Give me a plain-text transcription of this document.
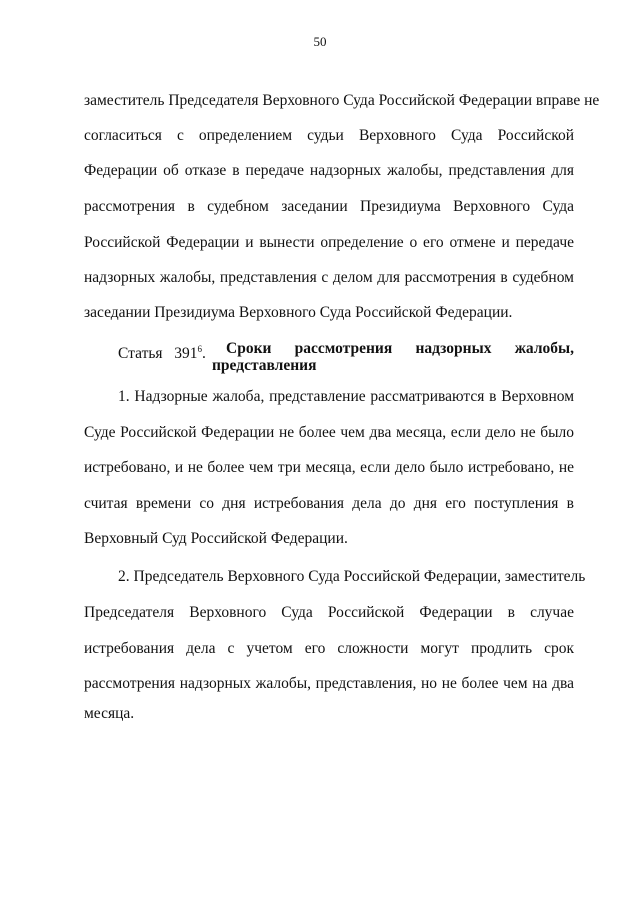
50
заместитель Председателя Верховного Суда Российской Федерации вправе не
согласиться с определением судьи Верховного Суда Российской
Федерации об отказе в передаче надзорных жалобы, представления для
рассмотрения в судебном заседании Президиума Верховного Суда
Российской Федерации и вынести определение о его отмене и передаче
надзорных жалобы, представления с делом для рассмотрения в судебном
заседании Президиума Верховного Суда Российской Федерации.
Статья $391^6$. Сроки рассмотрения надзорных жалобы,
представления
1. Надзорные жалоба, представление рассматриваются в Верховном
Суде Российской Федерации не более чем два месяца, если дело не было
истребовано, и не более чем три месяца, если дело было истребовано, не
считая времени со дня истребования дела до дня его поступления в
Верховный Суд Российской Федерации.
2. Председатель Верховного Суда Российской Федерации, заместитель
Председателя Верховного Суда Российской Федерации в случае
истребования дела с учетом его сложности могут продлить срок
рассмотрения надзорных жалобы, представления, но не более чем на два
месяца.
